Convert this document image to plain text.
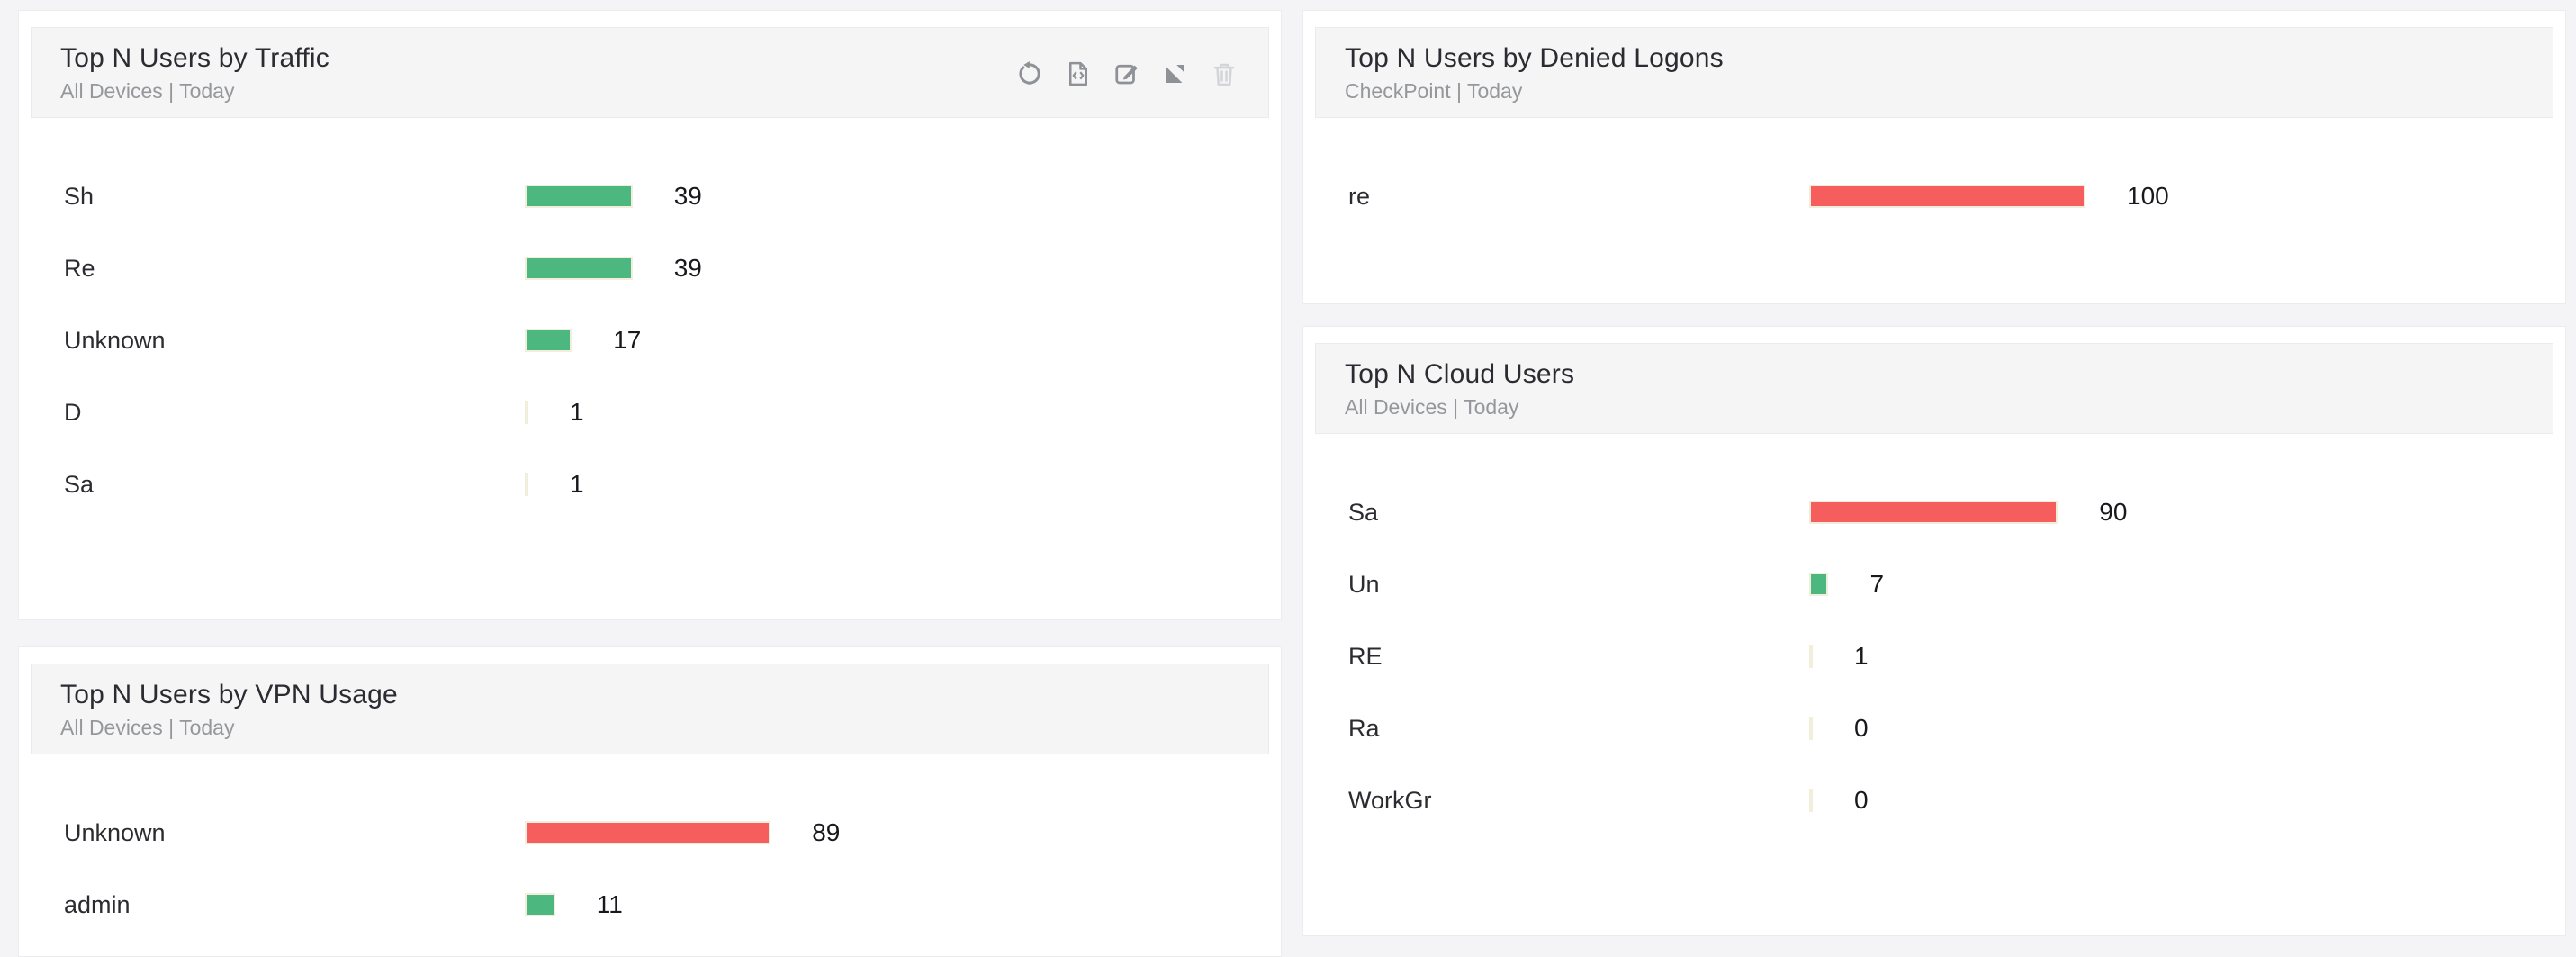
Top N Users by Traffic
All Devices | Today
Sh	39
Re	39
Unknown	17
D	1
Sa	1
Top N Users by Denied Logons
CheckPoint | Today
re	100
Top N Users by VPN Usage
All Devices | Today
Unknown	89
admin	11
Top N Cloud Users
All Devices | Today
Sa	90
Un	7
RE	1
Ra	0
WorkGr	0
